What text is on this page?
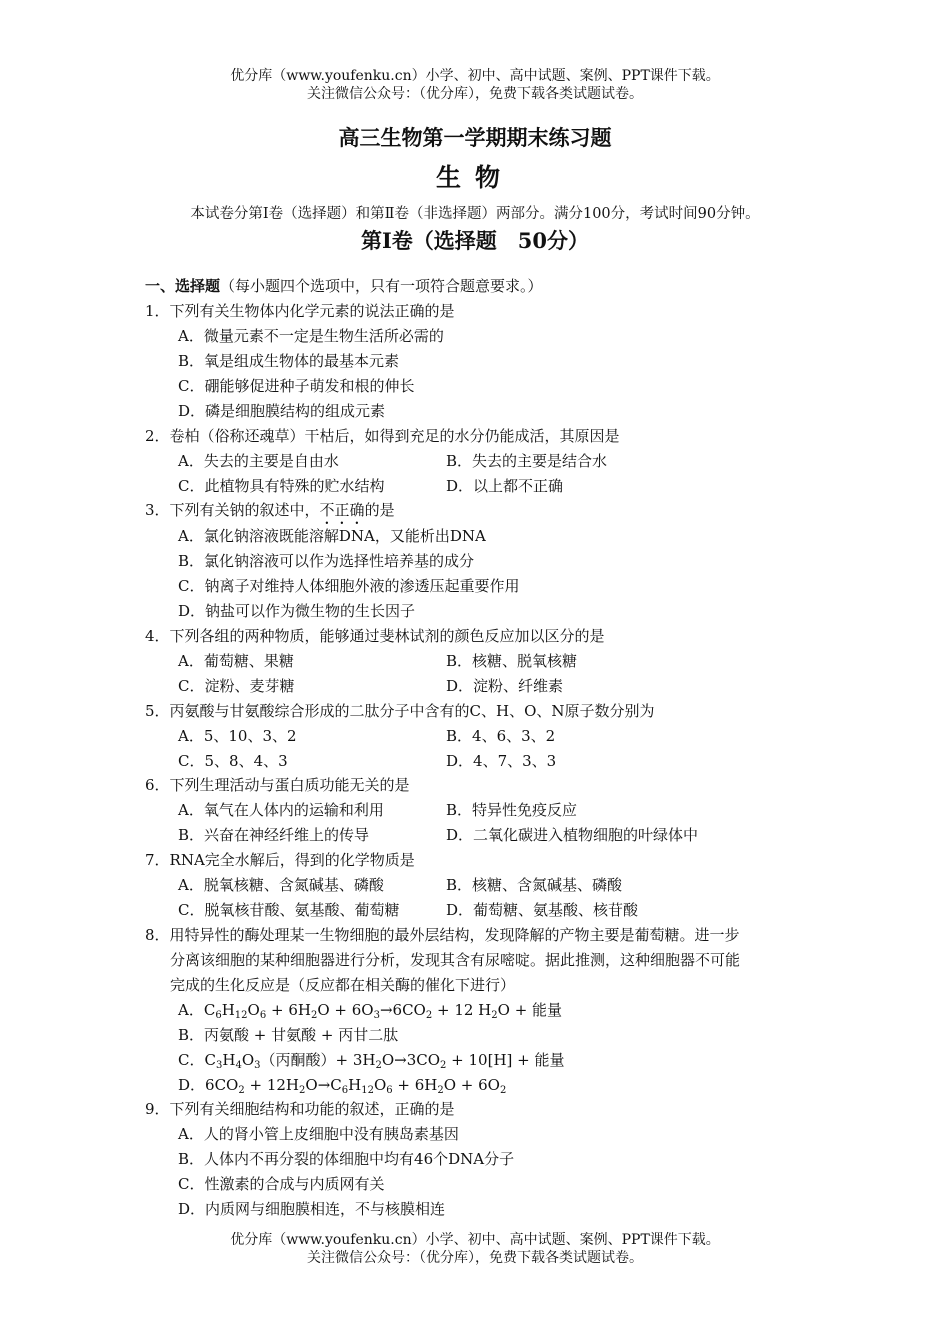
优分库（www.youfenku.cn）小学、初中、高中试题、案例、PPT课件下载。
关注微信公众号：（优分库），免费下载各类试题试卷。
高三生物第一学期期末练习题
生物
本试卷分第Ⅰ卷（选择题）和第Ⅱ卷（非选择题）两部分。满分100分，考试时间90分钟。
第Ⅰ卷（选择题　50分）
一、选择题（每小题四个选项中，只有一项符合题意要求。）
1．下列有关生物体内化学元素的说法正确的是
A．微量元素不一定是生物生活所必需的
B．氧是组成生物体的最基本元素
C．硼能够促进种子萌发和根的伸长
D．磷是细胞膜结构的组成元素
2．卷柏（俗称还魂草）干枯后，如得到充足的水分仍能成活，其原因是
A．失去的主要是自由水	B．失去的主要是结合水
C．此植物具有特殊的贮水结构	D．以上都不正确
3．下列有关钠的叙述中，不正确的是
A．氯化钠溶液既能溶解DNA，又能析出DNA
B．氯化钠溶液可以作为选择性培养基的成分
C．钠离子对维持人体细胞外液的渗透压起重要作用
D．钠盐可以作为微生物的生长因子
4．下列各组的两种物质，能够通过斐林试剂的颜色反应加以区分的是
A．葡萄糖、果糖	B．核糖、脱氧核糖
C．淀粉、麦芽糖	D．淀粉、纤维素
5．丙氨酸与甘氨酸综合形成的二肽分子中含有的C、H、O、N原子数分别为
A．5、10、3、2	B．4、6、3、2
C．5、8、4、3	D．4、7、3、3
6．下列生理活动与蛋白质功能无关的是
A．氧气在人体内的运输和利用	B．特异性免疫反应
B．兴奋在神经纤维上的传导	D．二氧化碳进入植物细胞的叶绿体中
7．RNA完全水解后，得到的化学物质是
A．脱氧核糖、含氮碱基、磷酸	B．核糖、含氮碱基、磷酸
C．脱氧核苷酸、氨基酸、葡萄糖	D．葡萄糖、氨基酸、核苷酸
8．用特异性的酶处理某一生物细胞的最外层结构，发现降解的产物主要是葡萄糖。进一步
分离该细胞的某种细胞器进行分析，发现其含有尿嘧啶。据此推测，这种细胞器不可能
完成的生化反应是（反应都在相关酶的催化下进行）
A．$C_6H_{12}O_6 + 6H_2O + 6O_3\to 6CO_2 + 12$ $H_2O$ + 能量
B．丙氨酸 + 甘氨酸 + 丙甘二肽
C．$C_3H_4O_3$（丙酮酸）+ $3H_2O\to 3CO_2 + 10[H]$ + 能量
D．$6CO_2 + 12H_2O\to C_6H_{12}O_6 + 6H_2O + 6O_2$
9．下列有关细胞结构和功能的叙述，正确的是
A．人的肾小管上皮细胞中没有胰岛素基因
B．人体内不再分裂的体细胞中均有46个DNA分子
C．性激素的合成与内质网有关
D．内质网与细胞膜相连，不与核膜相连
优分库（www.youfenku.cn）小学、初中、高中试题、案例、PPT课件下载。
关注微信公众号：（优分库），免费下载各类试题试卷。
